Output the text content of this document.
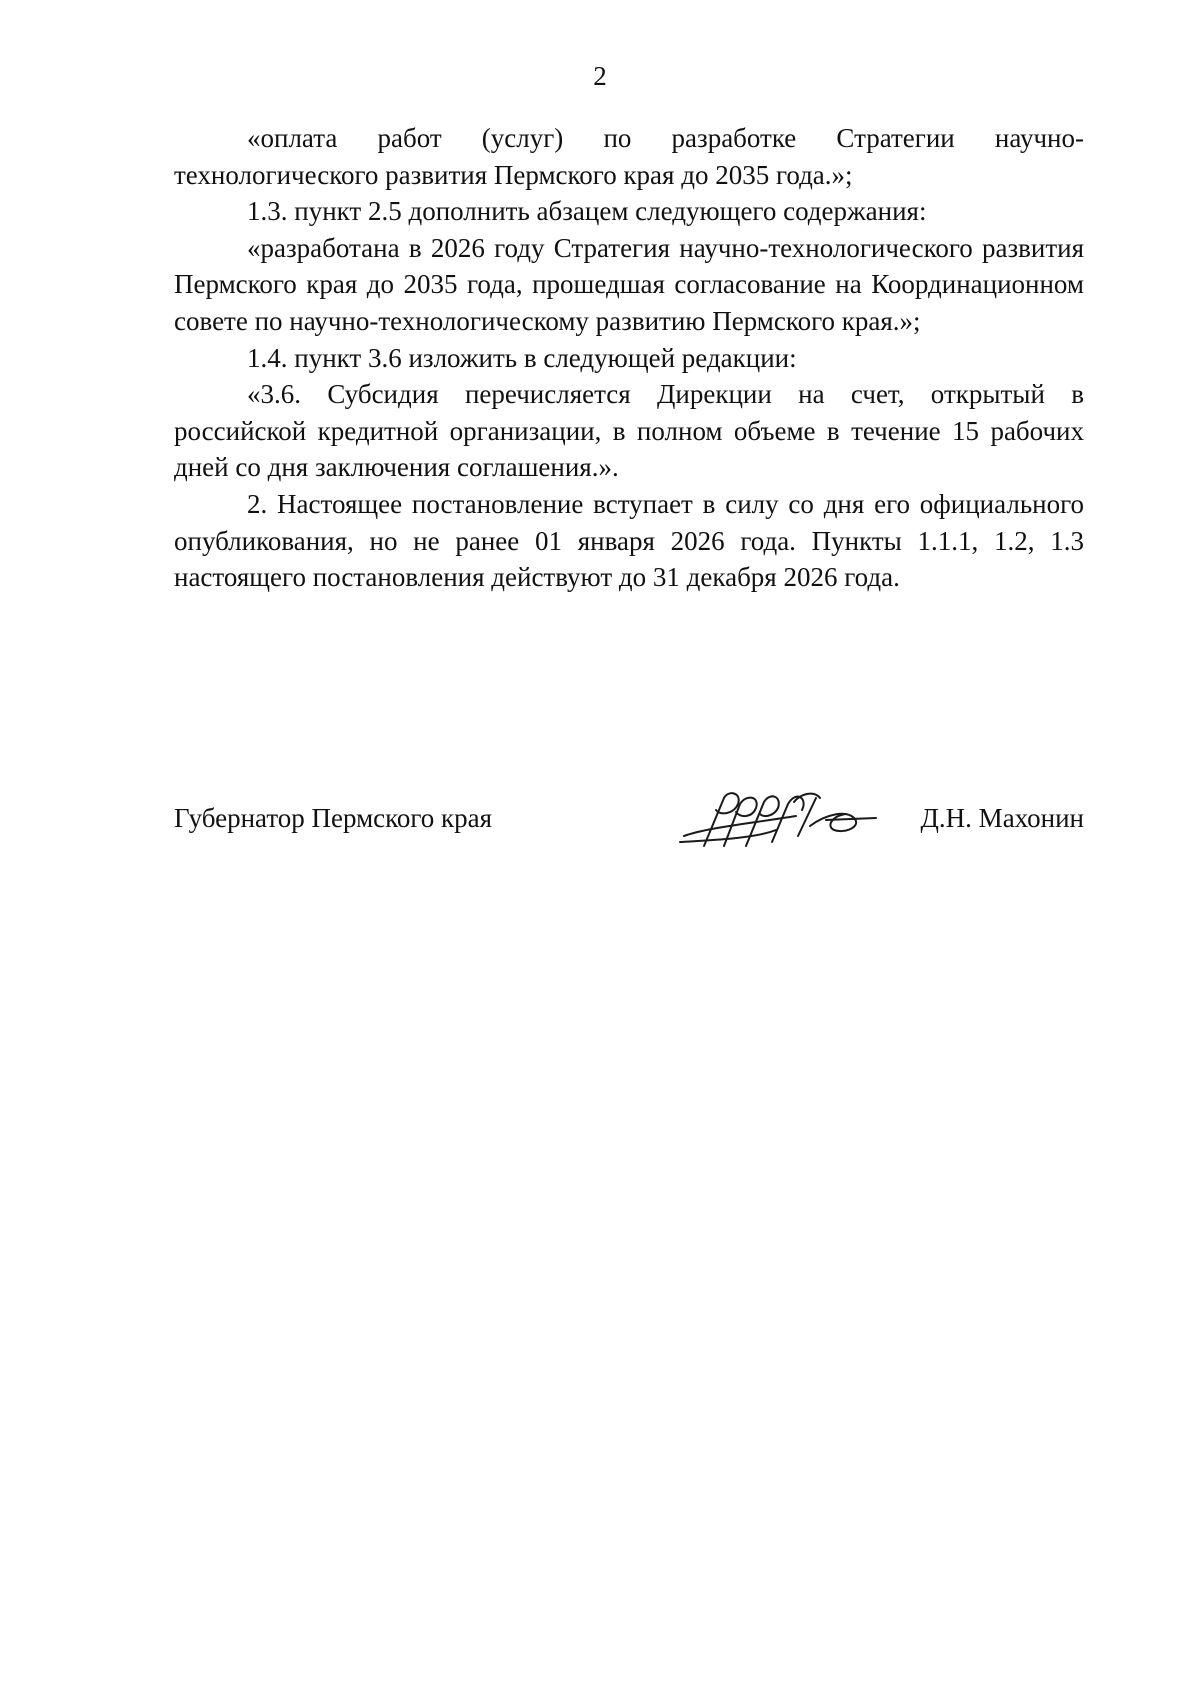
2

«оплата работ (услуг) по разработке Стратегии научно-технологического развития Пермского края до 2035 года.»;

1.3. пункт 2.5 дополнить абзацем следующего содержания:

«разработана в 2026 году Стратегия научно-технологического развития Пермского края до 2035 года, прошедшая согласование на Координационном совете по научно-технологическому развитию Пермского края.»;

1.4. пункт 3.6 изложить в следующей редакции:

«3.6. Субсидия перечисляется Дирекции на счет, открытый в российской кредитной организации, в полном объеме в течение 15 рабочих дней со дня заключения соглашения.».

2. Настоящее постановление вступает в силу со дня его официального опубликования, но не ранее 01 января 2026 года. Пункты 1.1.1, 1.2, 1.3 настоящего постановления действуют до 31 декабря 2026 года.

Губернатор Пермского края	Д.Н. Махонин
